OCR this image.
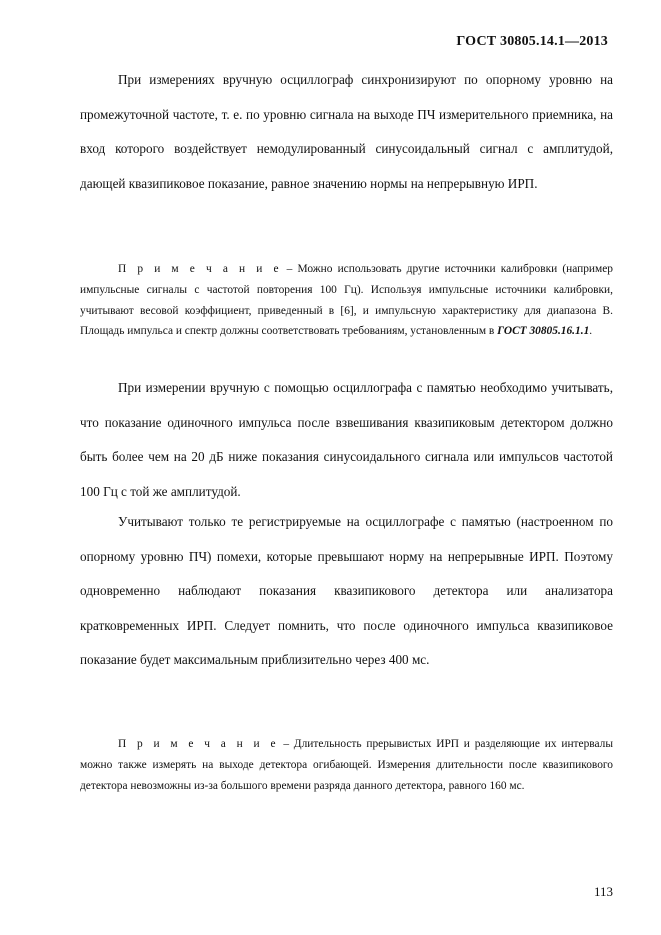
ГОСТ 30805.14.1—2013

При измерениях вручную осциллограф синхронизируют по опорному уровню на промежуточной частоте, т. е. по уровню сигнала на выходе ПЧ измерительного приемника, на вход которого воздействует немодулированный синусоидальный сигнал с амплитудой, дающей квазипиковое показание, равное значению нормы на непрерывную ИРП.

П р и м е ч а н и е – Можно использовать другие источники калибровки (например импульсные сигналы с частотой повторения 100 Гц). Используя импульсные источники калибровки, учитывают весовой коэффициент, приведенный в [6], и импульсную характеристику для диапазона В. Площадь импульса и спектр должны соответствовать требованиям, установленным в ГОСТ 30805.16.1.1.

При измерении вручную с помощью осциллографа с памятью необходимо учитывать, что показание одиночного импульса после взвешивания квазипиковым детектором должно быть более чем на 20 дБ ниже показания синусоидального сигнала или импульсов частотой 100 Гц с той же амплитудой.

Учитывают только те регистрируемые на осциллографе с памятью (настроенном по опорному уровню ПЧ) помехи, которые превышают норму на непрерывные ИРП. Поэтому одновременно наблюдают показания квазипикового детектора или анализатора кратковременных ИРП. Следует помнить, что после одиночного импульса квазипиковое показание будет максимальным приблизительно через 400 мс.

П р и м е ч а н и е – Длительность прерывистых ИРП и разделяющие их интервалы можно также измерять на выходе детектора огибающей. Измерения длительности после квазипикового детектора невозможны из-за большого времени разряда данного детектора, равного 160 мс.

113
